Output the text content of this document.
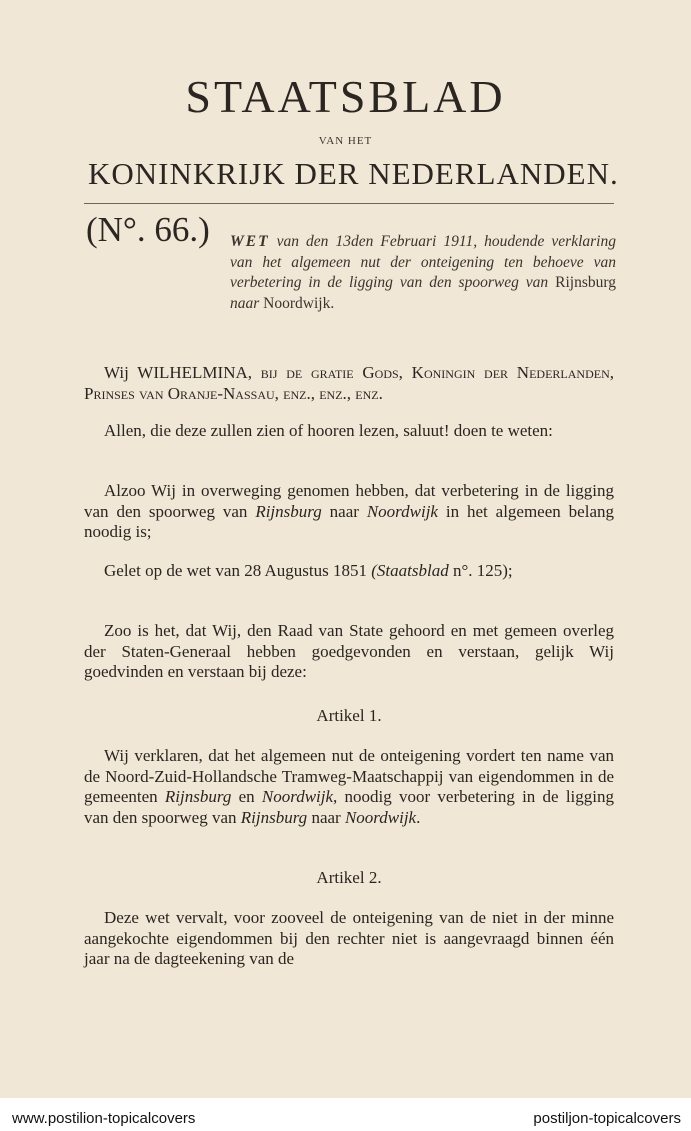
STAATSBLAD
VAN HET
KONINKRIJK DER NEDERLANDEN.
(N°. 66.) WET van den 13den Februari 1911, houdende verklaring van het algemeen nut der onteigening ten behoeve van verbetering in de ligging van den spoorweg van Rijnsburg naar Noordwijk.

Wij WILHELMINA, bij de gratie Gods, Koningin der Nederlanden, Prinses van Oranje-Nassau, enz., enz., enz.

Allen, die deze zullen zien of hooren lezen, saluut! doen te weten:

Alzoo Wij in overweging genomen hebben, dat verbetering in de ligging van den spoorweg van Rijnsburg naar Noordwijk in het algemeen belang noodig is;

Gelet op de wet van 28 Augustus 1851 (Staatsblad n°. 125);

Zoo is het, dat Wij, den Raad van State gehoord en met gemeen overleg der Staten-Generaal hebben goedgevonden en verstaan, gelijk Wij goedvinden en verstaan bij deze:

Artikel 1.

Wij verklaren, dat het algemeen nut de onteigening vordert ten name van de Noord-Zuid-Hollandsche Tramweg-Maatschappij van eigendommen in de gemeenten Rijnsburg en Noordwijk, noodig voor verbetering in de ligging van den spoorweg van Rijnsburg naar Noordwijk.

Artikel 2.

Deze wet vervalt, voor zooveel de onteigening van de niet in der minne aangekochte eigendommen bij den rechter niet is aangevraagd binnen één jaar na de dagteekening van de

www.postilion-topicalcovers	postiljon-topicalcovers
